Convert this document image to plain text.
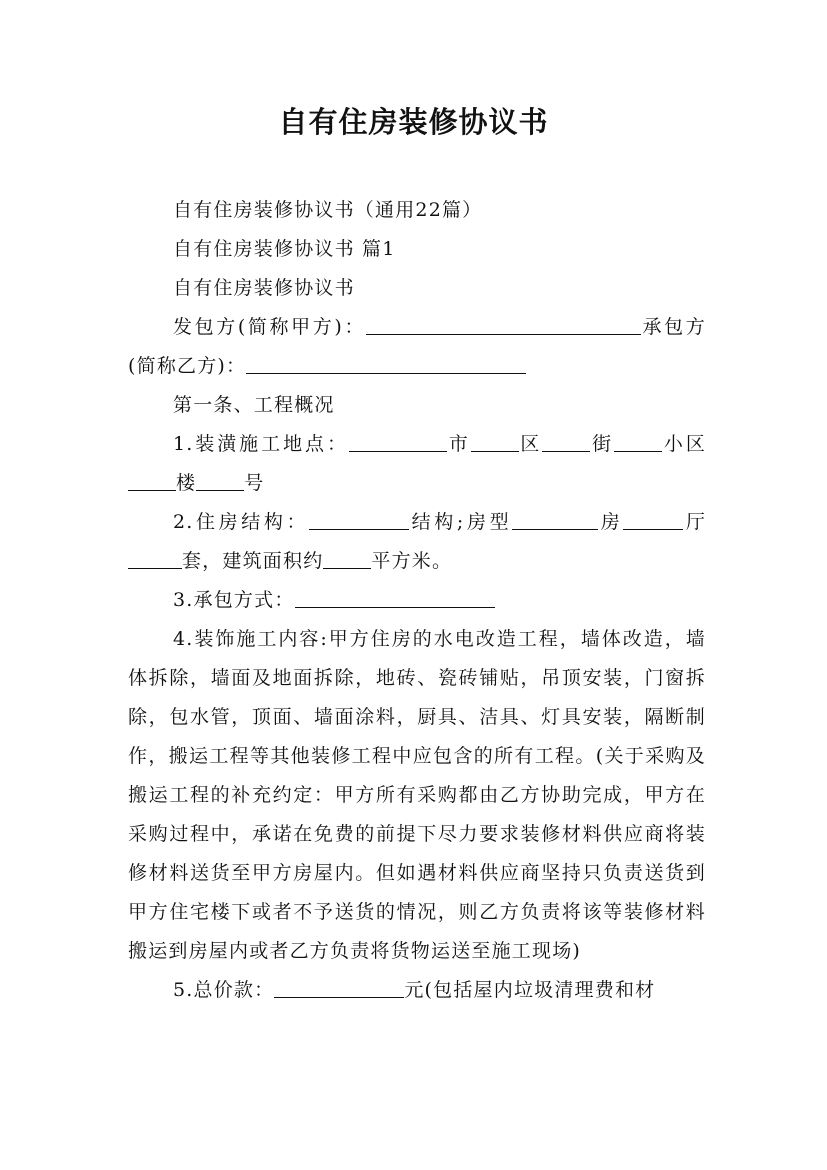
自有住房装修协议书

自有住房装修协议书（通用22篇）

自有住房装修协议书 篇1

自有住房装修协议书

发包方(简称甲方)：	承包方(简称乙方)：

第一条、工程概况

1.装潢施工地点：	市	区	街	小区楼	号

2.住房结构：	结构;房型	房	厅套，建筑面积约	平方米。

3.承包方式：

4.装饰施工内容:甲方住房的水电改造工程，墙体改造，墙体拆除，墙面及地面拆除，地砖、瓷砖铺贴，吊顶安装，门窗拆除，包水管，顶面、墙面涂料，厨具、洁具、灯具安装，隔断制作，搬运工程等其他装修工程中应包含的所有工程。(关于采购及搬运工程的补充约定：甲方所有采购都由乙方协助完成，甲方在采购过程中，承诺在免费的前提下尽力要求装修材料供应商将装修材料送货至甲方房屋内。但如遇材料供应商坚持只负责送货到甲方住宅楼下或者不予送货的情况，则乙方负责将该等装修材料搬运到房屋内或者乙方负责将货物运送至施工现场)

5.总价款：	元(包括屋内垃圾清理费和材
